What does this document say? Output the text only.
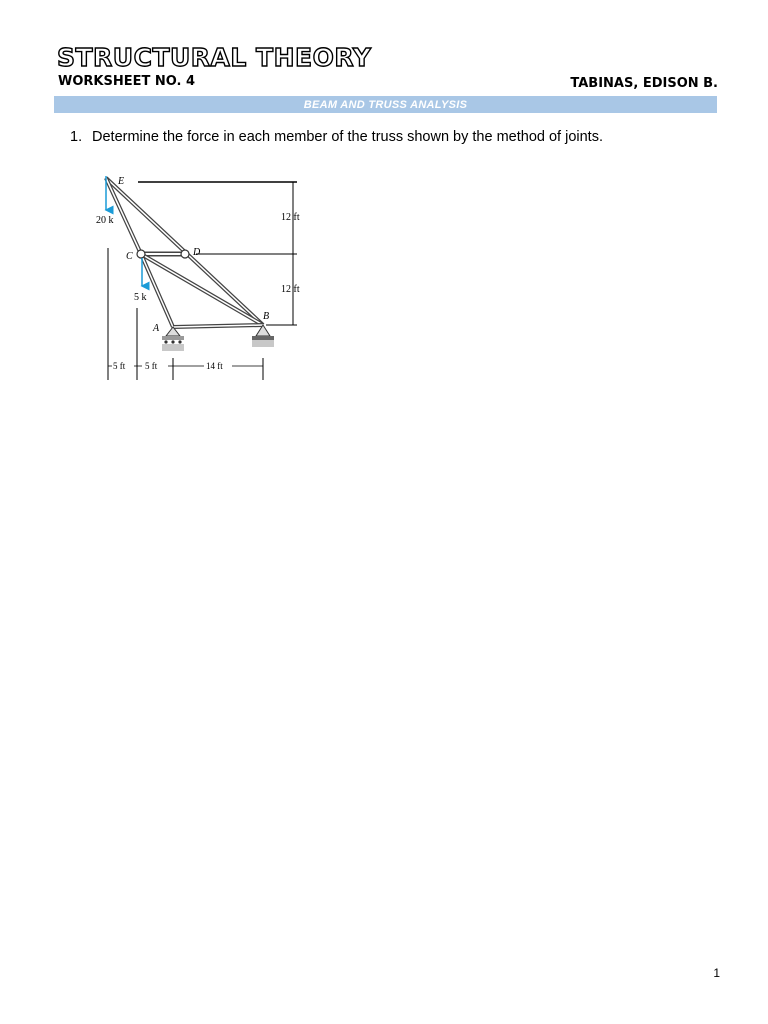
STRUCTURAL THEORY
WORKSHEET NO. 4	TABINAS, EDISON B.
BEAM AND TRUSS ANALYSIS
1. Determine the force in each member of the truss shown by the method of joints.
12 ft
12 ft
5 ft 5 ft	14 ft
20 k
5 k
E
C	D
A
B
1
